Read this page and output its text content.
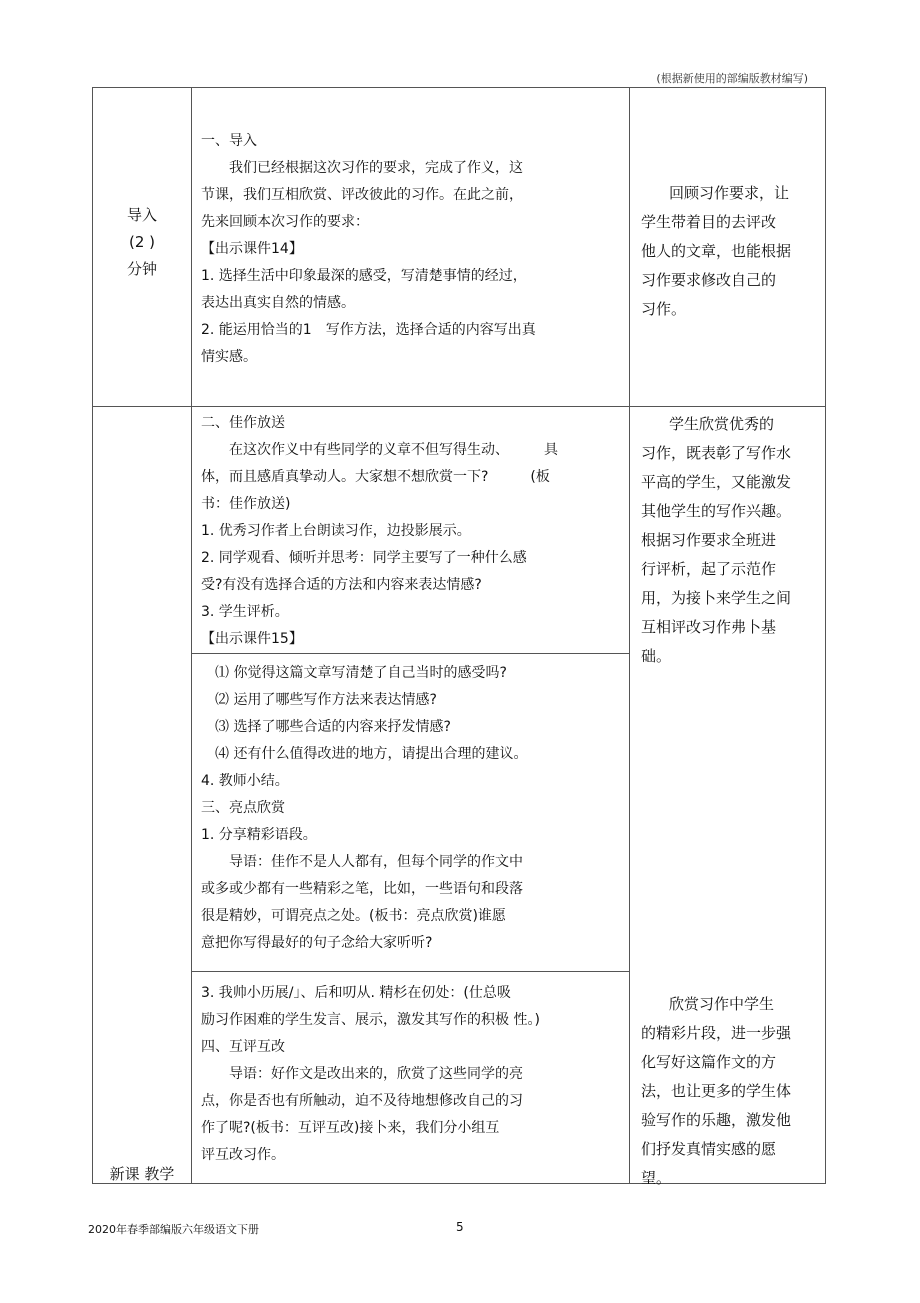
(根据新使用的部编版教材编写)
导入
(2 )
分钟

一、导入

我们已经根据这次习作的要求，完成了作义，这

节课，我们互相欣赏、评改彼此的习作。在此之前，

先来回顾本次习作的要求：

【出示课件14】

1. 选择生活中印象最深的感受，写清楚事情的经过，

表达出真实自然的情感。

2. 能运用恰当的1　写作方法，选择合适的内容写出真

情实感。

回顾习作要求，让

学生带着目的去评改

他人的文章，也能根据

习作要求修改自己的

习作。

二、佳作放送

在这次作义中有些同学的义章不但写得生动、　　　具

体，而且感盾真挚动人。大家想不想欣赏一下?　　　(板

书：佳作放送)

1. 优秀习作者上台朗读习作，边投影展示。

2. 同学观看、倾听并思考：同学主要写了一种什么感

受?有没有选择合适的方法和内容来表达情感?

3. 学生评析。

【出示课件15】

⑴ 你觉得这篇文章写清楚了自己当时的感受吗?

⑵ 运用了哪些写作方法来表达情感?

⑶ 选择了哪些合适的内容来抒发情感?

⑷ 还有什么值得改进的地方，请提出合理的建议。

4. 教师小结。

三、亮点欣赏

1. 分享精彩语段。

导语：佳作不是人人都有，但每个同学的作文中

或多或少都有一些精彩之笔，比如，一些语句和段落

很是精妙，可谓亮点之处。(板书：亮点欣赏)谁愿

意把你写得最好的句子念给大家听听?

学生欣赏优秀的

习作，既表彰了写作水

平高的学生，又能激发

其他学生的写作兴趣。

根据习作要求全班进

行评析，起了示范作

用，为接卜来学生之间

互相评改习作弗卜基

础。

3. 我帅小历展/」、后和叨从. 精杉在仞处：(仕总吸

励习作困难的学生发言、展示，激发其写作的积极 性。)

四、互评互改

导语：好作文是改出来的，欣赏了这些同学的亮

点，你是否也有所触动，迫不及待地想修改自己的习

作了呢?(板书：互评互改)接卜来，我们分小组互

评互改习作。

欣赏习作中学生

的精彩片段，进一步强

化写好这篇作文的方

法，也让更多的学生体

验写作的乐趣，激发他

们抒发真情实感的愿

望。

新课 教学
2020年春季部编版六年级语文下册	5
